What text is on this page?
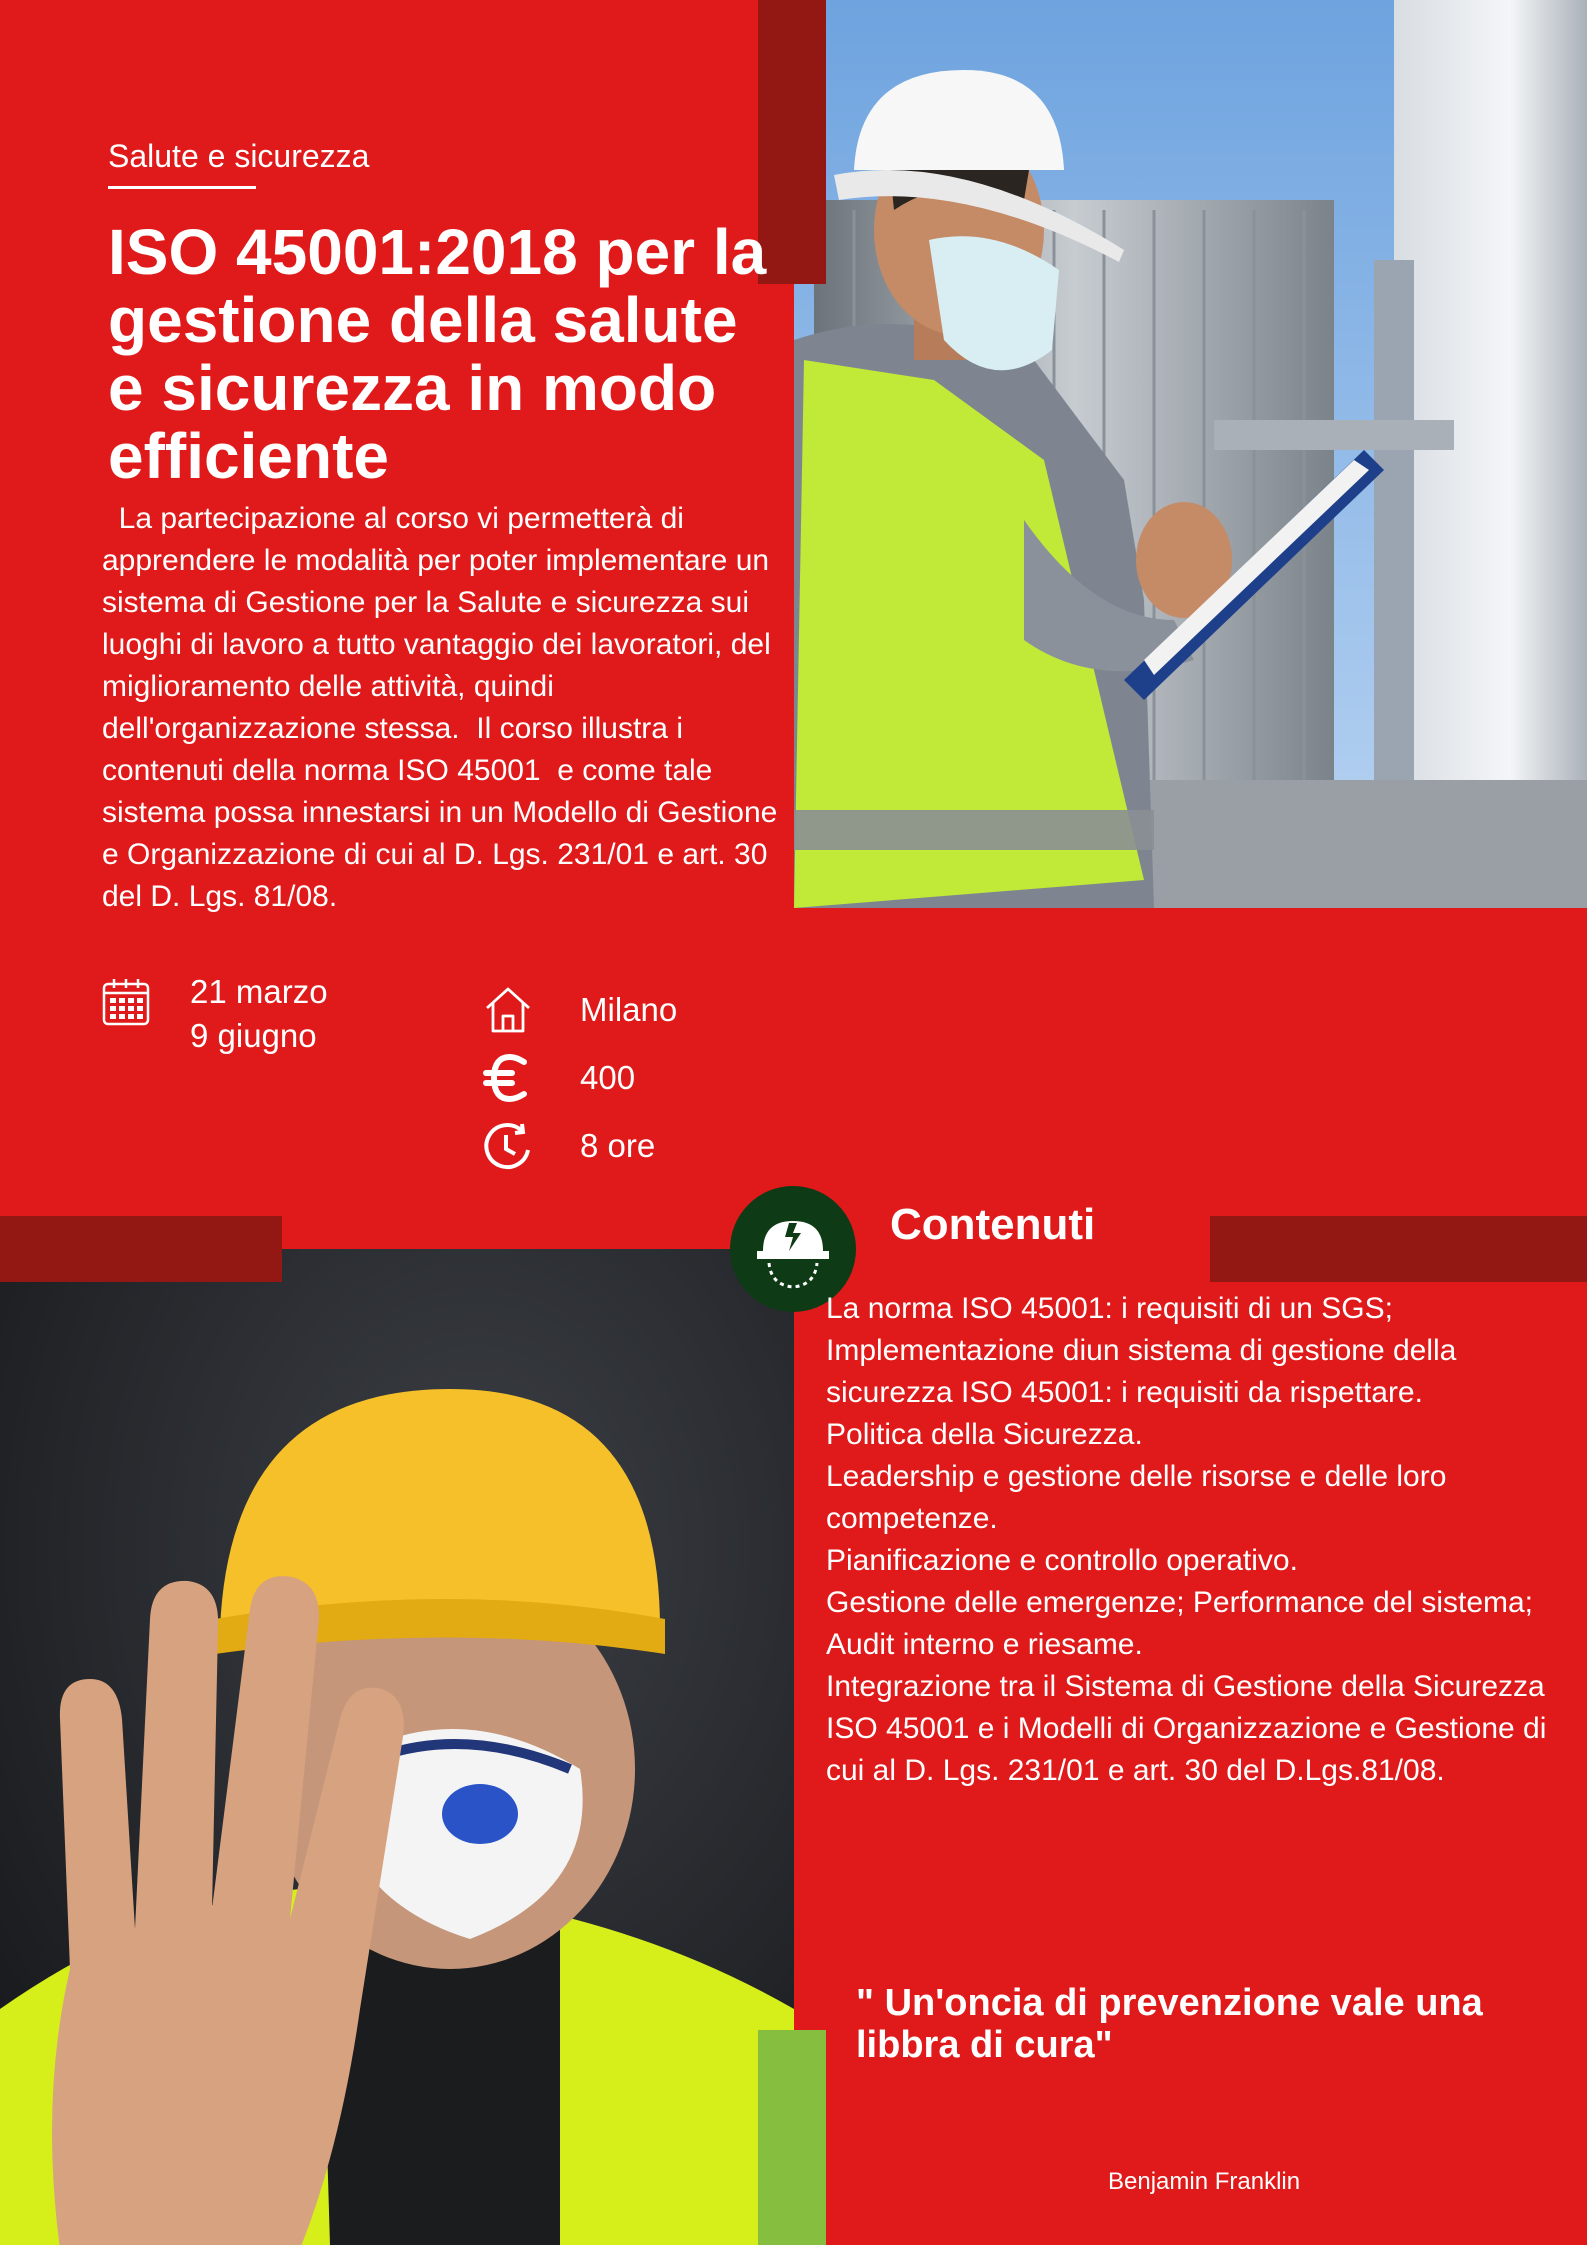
Salute e sicurezza
ISO 45001:2018 per la gestione della salute e sicurezza in modo efficiente

La partecipazione al corso vi permetterà di apprendere le modalità per poter implementare un sistema di Gestione per la Salute e sicurezza sui luoghi di lavoro a tutto vantaggio dei lavoratori, del miglioramento delle attività, quindi dell'organizzazione stessa.  Il corso illustra i contenuti della norma ISO 45001  e come tale sistema possa innestarsi in un Modello di Gestione e Organizzazione di cui al D. Lgs. 231/01 e art. 30 del D. Lgs. 81/08.

21 marzo
9 giugno
Milano
400
8 ore
Contenuti
La norma ISO 45001: i requisiti di un SGS;
Implementazione diun sistema di gestione della sicurezza ISO 45001: i requisiti da rispettare.
Politica della Sicurezza.
Leadership e gestione delle risorse e delle loro competenze.
Pianificazione e controllo operativo.
Gestione delle emergenze; Performance del sistema; Audit interno e riesame.
Integrazione tra il Sistema di Gestione della Sicurezza ISO 45001 e i Modelli di Organizzazione e Gestione di cui al D. Lgs. 231/01 e art. 30 del D.Lgs.81/08.
" Un'oncia di prevenzione vale una libbra di cura"
Benjamin Franklin
